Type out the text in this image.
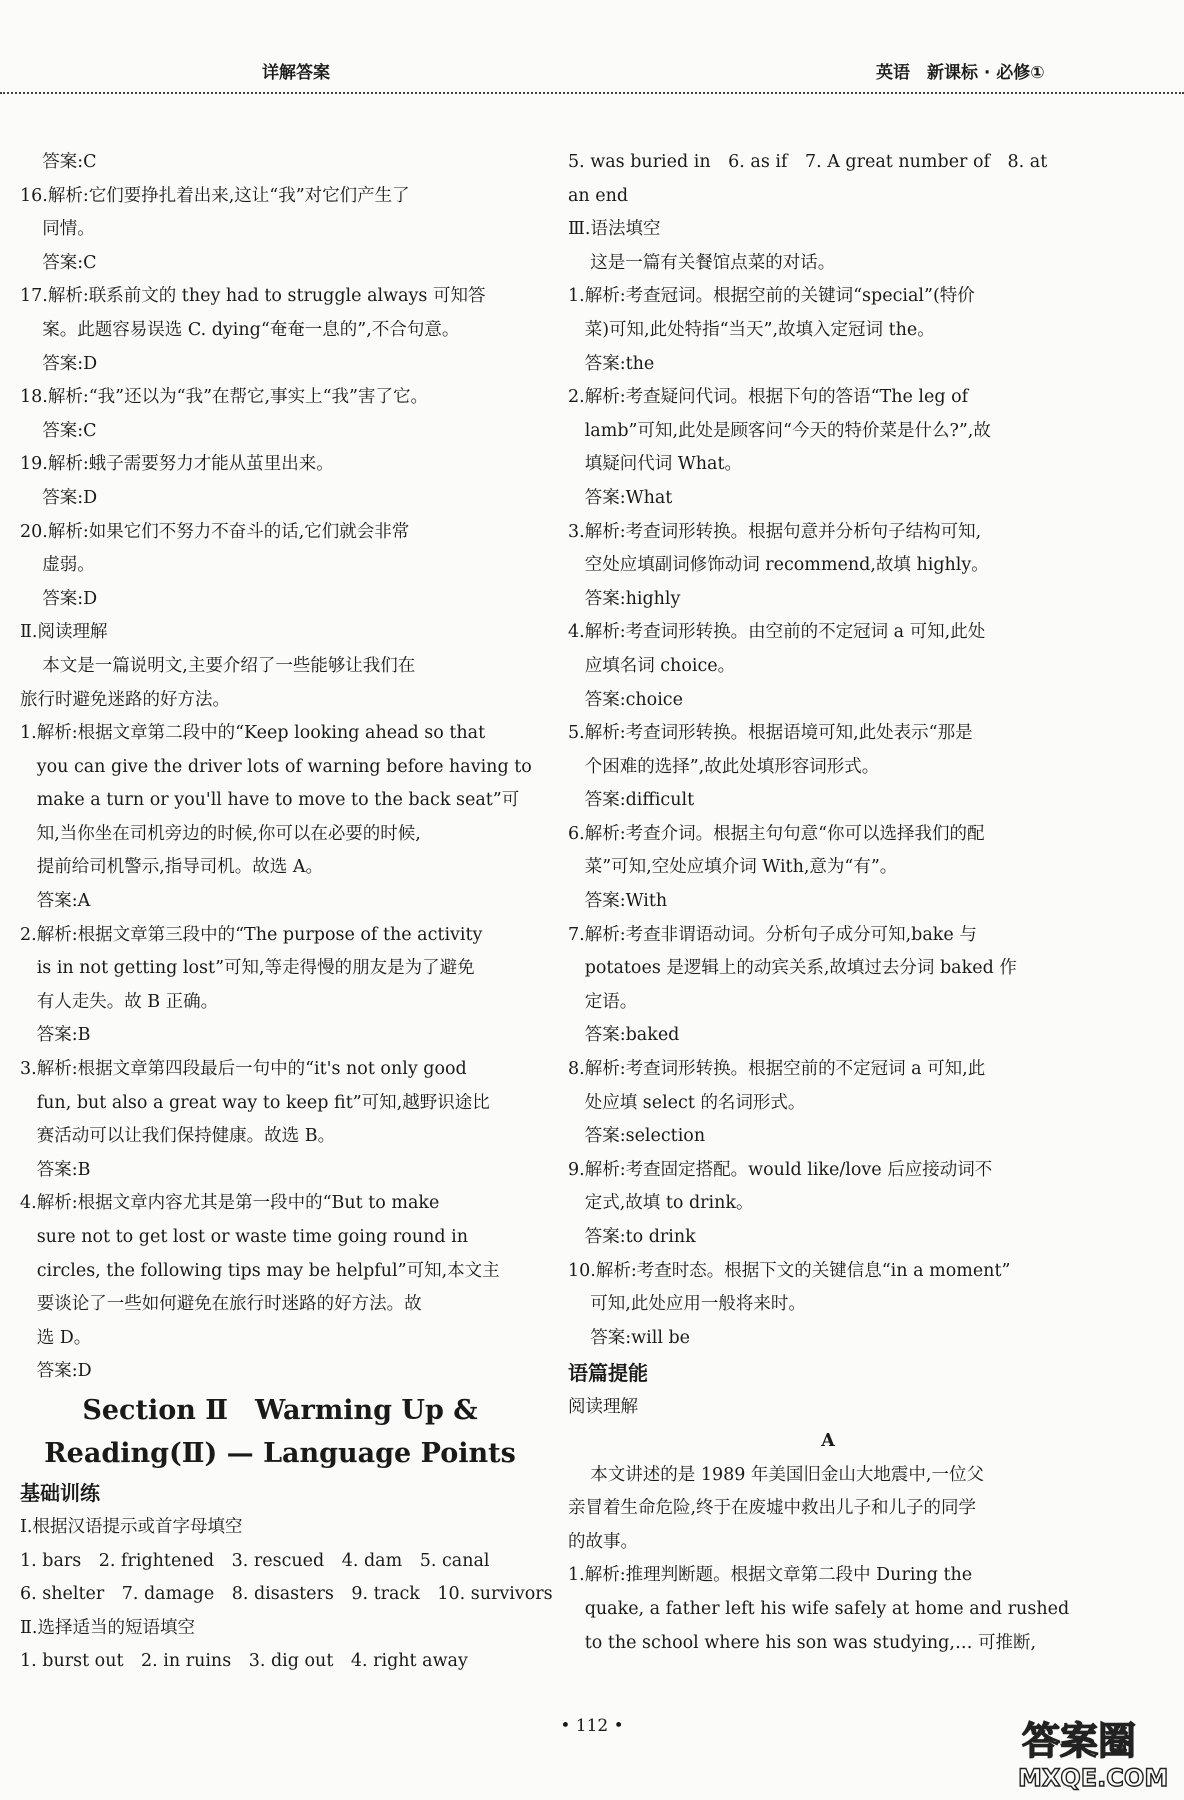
详解答案	英语　新课标 · 必修①
答案:C
16.解析:它们要挣扎着出来,这让“我”对它们产生了
同情。
答案:C
17.解析:联系前文的 they had to struggle always 可知答
案。此题容易误选 C. dying“奄奄一息的”,不合句意。
答案:D
18.解析:“我”还以为“我”在帮它,事实上“我”害了它。
答案:C
19.解析:蛾子需要努力才能从茧里出来。
答案:D
20.解析:如果它们不努力不奋斗的话,它们就会非常
虚弱。
答案:D
Ⅱ.阅读理解
本文是一篇说明文,主要介绍了一些能够让我们在
旅行时避免迷路的好方法。
1.解析:根据文章第二段中的“Keep looking ahead so that
you can give the driver lots of warning before having to
make a turn or you'll have to move to the back seat”可
知,当你坐在司机旁边的时候,你可以在必要的时候,
提前给司机警示,指导司机。故选 A。
答案:A
2.解析:根据文章第三段中的“The purpose of the activity
is in not getting lost”可知,等走得慢的朋友是为了避免
有人走失。故 B 正确。
答案:B
3.解析:根据文章第四段最后一句中的“it's not only good
fun, but also a great way to keep fit”可知,越野识途比
赛活动可以让我们保持健康。故选 B。
答案:B
4.解析:根据文章内容尤其是第一段中的“But to make
sure not to get lost or waste time going round in
circles, the following tips may be helpful”可知,本文主
要谈论了一些如何避免在旅行时迷路的好方法。故
选 D。
答案:D
Section Ⅱ　Warming Up &
Reading(Ⅱ) — Language Points
基础训练
Ⅰ.根据汉语提示或首字母填空
1. bars　2. frightened　3. rescued　4. dam　5. canal
6. shelter　7. damage　8. disasters　9. track　10. survivors
Ⅱ.选择适当的短语填空
1. burst out　2. in ruins　3. dig out　4. right away
5. was buried in　6. as if　7. A great number of　8. at
an end
Ⅲ.语法填空
这是一篇有关餐馆点菜的对话。
1.解析:考查冠词。根据空前的关键词“special”(特价
菜)可知,此处特指“当天”,故填入定冠词 the。
答案:the
2.解析:考查疑问代词。根据下句的答语“The leg of
lamb”可知,此处是顾客问“今天的特价菜是什么?”,故
填疑问代词 What。
答案:What
3.解析:考查词形转换。根据句意并分析句子结构可知,
空处应填副词修饰动词 recommend,故填 highly。
答案:highly
4.解析:考查词形转换。由空前的不定冠词 a 可知,此处
应填名词 choice。
答案:choice
5.解析:考查词形转换。根据语境可知,此处表示“那是
个困难的选择”,故此处填形容词形式。
答案:difficult
6.解析:考查介词。根据主句句意“你可以选择我们的配
菜”可知,空处应填介词 With,意为“有”。
答案:With
7.解析:考查非谓语动词。分析句子成分可知,bake 与
potatoes 是逻辑上的动宾关系,故填过去分词 baked 作
定语。
答案:baked
8.解析:考查词形转换。根据空前的不定冠词 a 可知,此
处应填 select 的名词形式。
答案:selection
9.解析:考查固定搭配。would like/love 后应接动词不
定式,故填 to drink。
答案:to drink
10.解析:考查时态。根据下文的关键信息“in a moment”
可知,此处应用一般将来时。
答案:will be
语篇提能
阅读理解
A
本文讲述的是 1989 年美国旧金山大地震中,一位父
亲冒着生命危险,终于在废墟中救出儿子和儿子的同学
的故事。
1.解析:推理判断题。根据文章第二段中 During the
quake, a father left his wife safely at home and rushed
to the school where his son was studying,… 可推断,
• 112 •	答案圈
MXQE.COM
